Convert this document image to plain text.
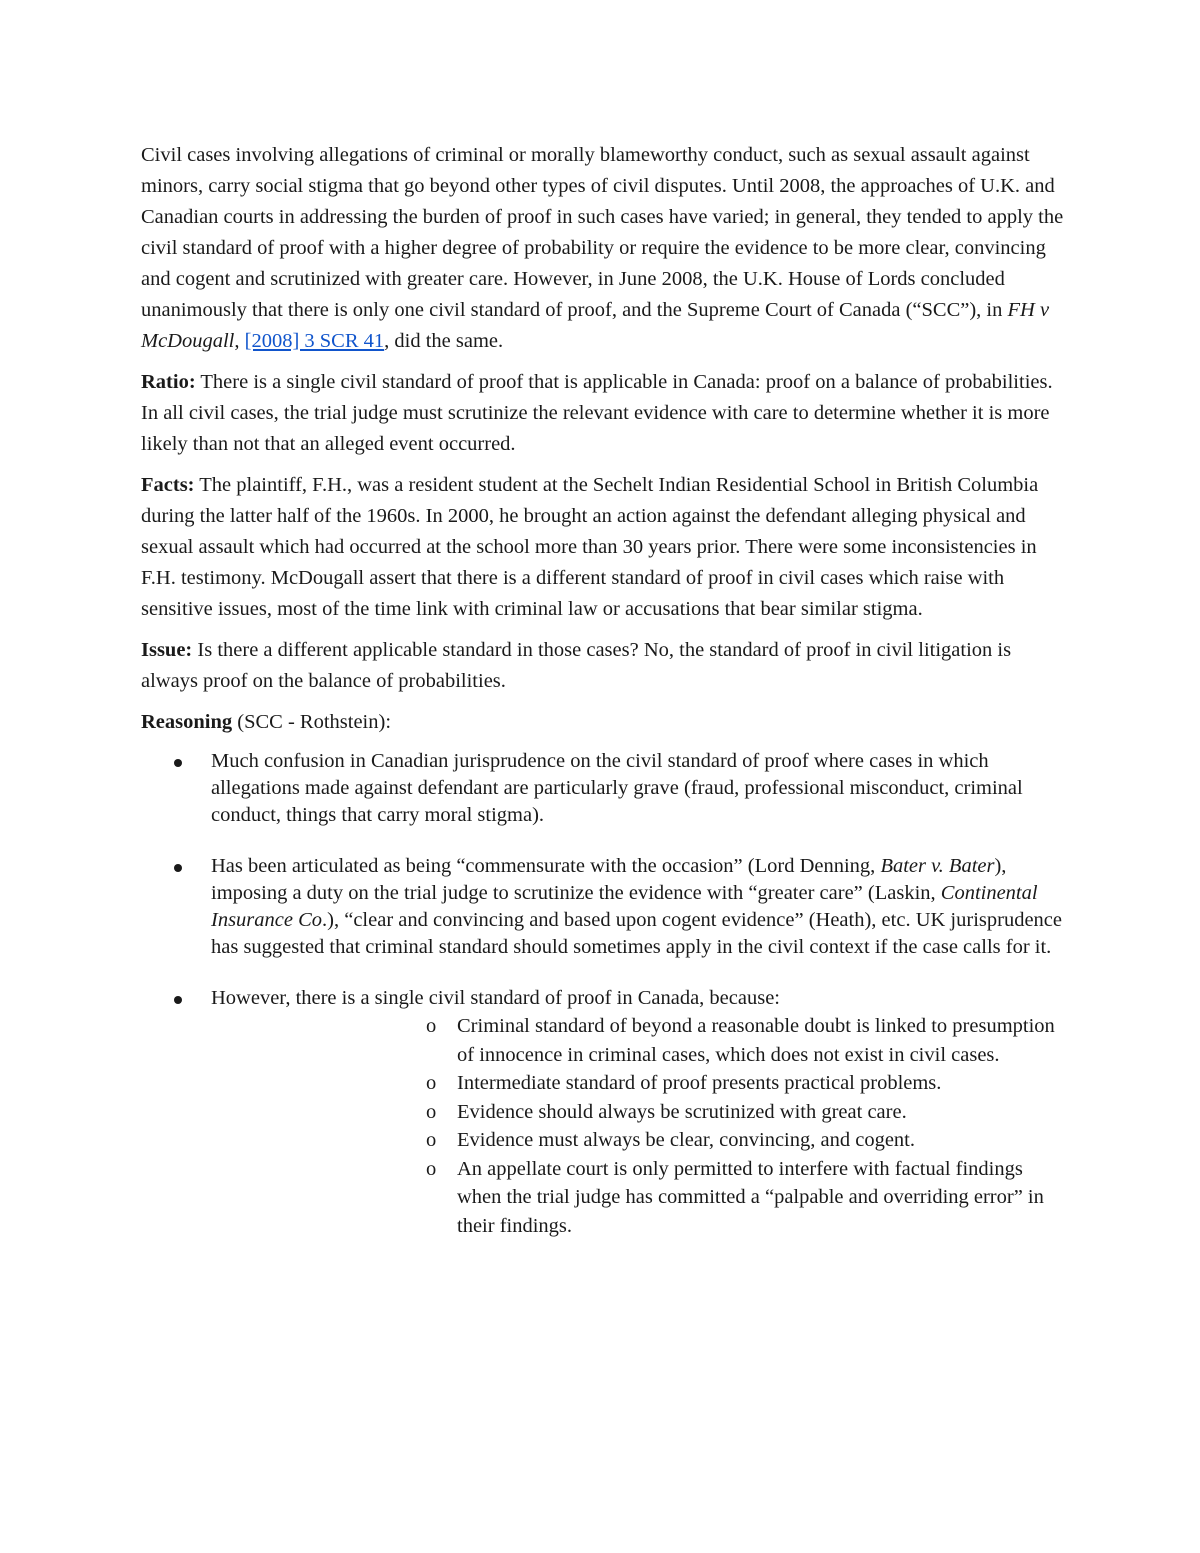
Civil cases involving allegations of criminal or morally blameworthy conduct, such as sexual assault against minors, carry social stigma that go beyond other types of civil disputes. Until 2008, the approaches of U.K. and Canadian courts in addressing the burden of proof in such cases have varied; in general, they tended to apply the civil standard of proof with a higher degree of probability or require the evidence to be more clear, convincing and cogent and scrutinized with greater care. However, in June 2008, the U.K. House of Lords concluded unanimously that there is only one civil standard of proof, and the Supreme Court of Canada (“SCC”), in FH v McDougall, [2008] 3 SCR 41, did the same.

Ratio: There is a single civil standard of proof that is applicable in Canada: proof on a balance of probabilities. In all civil cases, the trial judge must scrutinize the relevant evidence with care to determine whether it is more likely than not that an alleged event occurred.

Facts: The plaintiff, F.H., was a resident student at the Sechelt Indian Residential School in British Columbia during the latter half of the 1960s. In 2000, he brought an action against the defendant alleging physical and sexual assault which had occurred at the school more than 30 years prior. There were some inconsistencies in F.H. testimony. McDougall assert that there is a different standard of proof in civil cases which raise with sensitive issues, most of the time link with criminal law or accusations that bear similar stigma.

Issue: Is there a different applicable standard in those cases? No, the standard of proof in civil litigation is always proof on the balance of probabilities.

Reasoning (SCC - Rothstein):

Much confusion in Canadian jurisprudence on the civil standard of proof where cases in which allegations made against defendant are particularly grave (fraud, professional misconduct, criminal conduct, things that carry moral stigma).
Has been articulated as being “commensurate with the occasion” (Lord Denning, Bater v. Bater), imposing a duty on the trial judge to scrutinize the evidence with “greater care” (Laskin, Continental Insurance Co.), “clear and convincing and based upon cogent evidence” (Heath), etc. UK jurisprudence has suggested that criminal standard should sometimes apply in the civil context if the case calls for it.
However, there is a single civil standard of proof in Canada, because:
o Criminal standard of beyond a reasonable doubt is linked to presumption of innocence in criminal cases, which does not exist in civil cases.
o Intermediate standard of proof presents practical problems.
o Evidence should always be scrutinized with great care.
o Evidence must always be clear, convincing, and cogent.
o An appellate court is only permitted to interfere with factual findings when the trial judge has committed a “palpable and overriding error” in their findings.
